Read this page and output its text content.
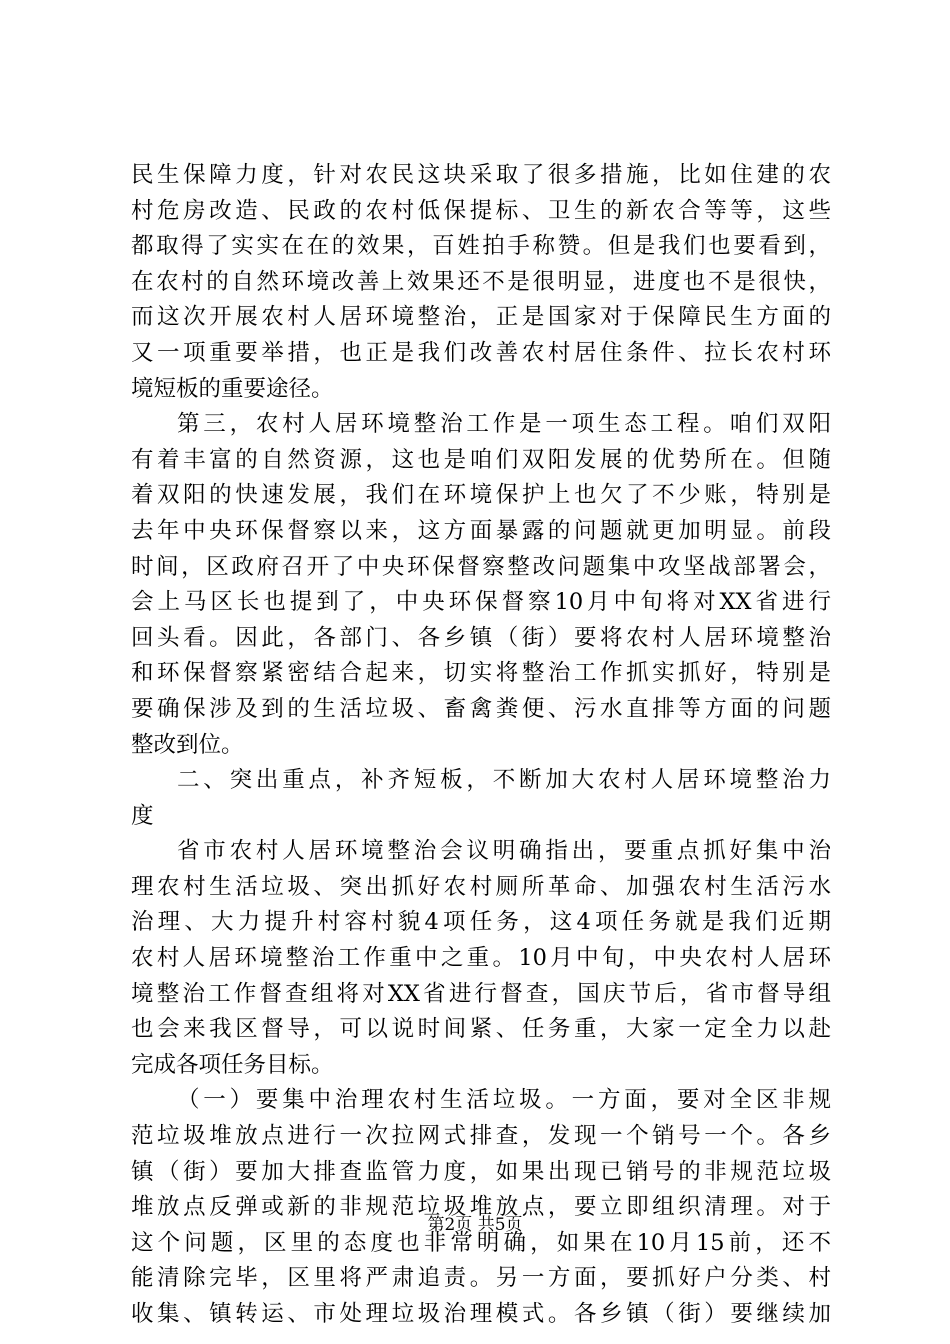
民生保障力度，针对农民这块采取了很多措施，比如住建的农
村危房改造、民政的农村低保提标、卫生的新农合等等，这些
都取得了实实在在的效果，百姓拍手称赞。但是我们也要看到，
在农村的自然环境改善上效果还不是很明显，进度也不是很快，
而这次开展农村人居环境整治，正是国家对于保障民生方面的
又一项重要举措，也正是我们改善农村居住条件、拉长农村环
境短板的重要途径。
第三，农村人居环境整治工作是一项生态工程。咱们双阳
有着丰富的自然资源，这也是咱们双阳发展的优势所在。但随
着双阳的快速发展，我们在环境保护上也欠了不少账，特别是
去年中央环保督察以来，这方面暴露的问题就更加明显。前段
时间，区政府召开了中央环保督察整改问题集中攻坚战部署会，
会上马区长也提到了，中央环保督察10月中旬将对XX省进行
回头看。因此，各部门、各乡镇（街）要将农村人居环境整治
和环保督察紧密结合起来，切实将整治工作抓实抓好，特别是
要确保涉及到的生活垃圾、畜禽粪便、污水直排等方面的问题
整改到位。
二、突出重点，补齐短板，不断加大农村人居环境整治力
度
省市农村人居环境整治会议明确指出，要重点抓好集中治
理农村生活垃圾、突出抓好农村厕所革命、加强农村生活污水
治理、大力提升村容村貌4项任务，这4项任务就是我们近期
农村人居环境整治工作重中之重。10月中旬，中央农村人居环
境整治工作督查组将对XX省进行督查，国庆节后，省市督导组
也会来我区督导，可以说时间紧、任务重，大家一定全力以赴
完成各项任务目标。
（一）要集中治理农村生活垃圾。一方面，要对全区非规
范垃圾堆放点进行一次拉网式排查，发现一个销号一个。各乡
镇（街）要加大排查监管力度，如果出现已销号的非规范垃圾
堆放点反弹或新的非规范垃圾堆放点，要立即组织清理。对于
这个问题，区里的态度也非常明确，如果在10月15前，还不
能清除完毕，区里将严肃追责。另一方面，要抓好户分类、村
收集、镇转运、市处理垃圾治理模式。各乡镇（街）要继续加
第2页 共5页
